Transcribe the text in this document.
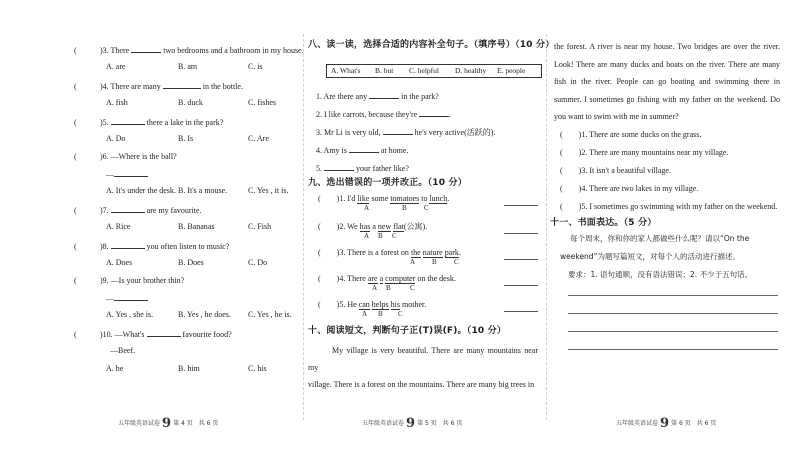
(	)3. There	two bedrooms and a bathroom in my house.
A. are	B. am	C. is
(	)4. There are many	in the bottle.
A. fish	B. duck	C. fishes
(	)5.	there a lake in the park?
A. Do	B. Is	C. Are
(	)6. —Where is the ball?
—
A. It's under the desk. B. It's a mouse.	C. Yes , it is.
(	)7.	are my favourite.
A. Rice	B. Bananas	C. Fish
(	)8.	you often listen to music?
A. Does	B. Does	C. Do
(	)9. —Is your brother thin?
—
A. Yes , she is.	B. Yes , he does. C. Yes , he is.
(	)10. —What's	favourite food?
—Beef.
A. he	B. him	C. his
五年级英语试卷 9 第 4 页　共 6 页
八、读一读，选择合适的内容补全句子。（填序号）（10 分）
A. What's B. but C. helpful D. healthy E. people
1. Are there any	in the park?
2. I like carrots, because they're	.
3. Mr Li is very old,	he's very active(活跃的).
4. Amy is	at home.
5.	your father like?
九、选出错误的一项并改正。（10 分）
(　　)1. I'd like some tomatoes to lunch.
A	B C
(　　)2. We has a new flat(公寓).
A B C
(　　)3. There is a forest on the nature park.
A B C
(　　)4. There are a computer on the desk.
A B	C
(　　)5. He can helps his mother.
A B C
十、阅读短文，判断句子正(T)误(F)。（10 分）
My village is very beautiful. There are many mountains near my
village. There is a forest on the mountains. There are many big trees in
五年级英语试卷 9 第 5 页　共 6 页
the forest. A river is near my house. Two bridges are over the river. Look! There are many ducks and boats on the river. There are many fish in the river. People can go boating and swimming there in summer. I sometimes go fishing with my father on the weekend. Do you want to swim with me in summer?
(　　)1. There are some ducks on the grass.
(　　)2. There are many mountains near my village.
(　　)3. It isn't a beautiful village.
(　　)4. There are two lakes in my village.
(　　)5. I sometimes go swimming with my father on the weekend.
十一、书面表达。（5 分）
每个周末，你和你的家人都做些什么呢？请以“On the
weekend”为题写篇短文，对每个人的活动进行描述。
要求：1. 语句通顺，没有语法错误；2. 不少于五句话。
五年级英语试卷 9 第 6 页　共 6 页
